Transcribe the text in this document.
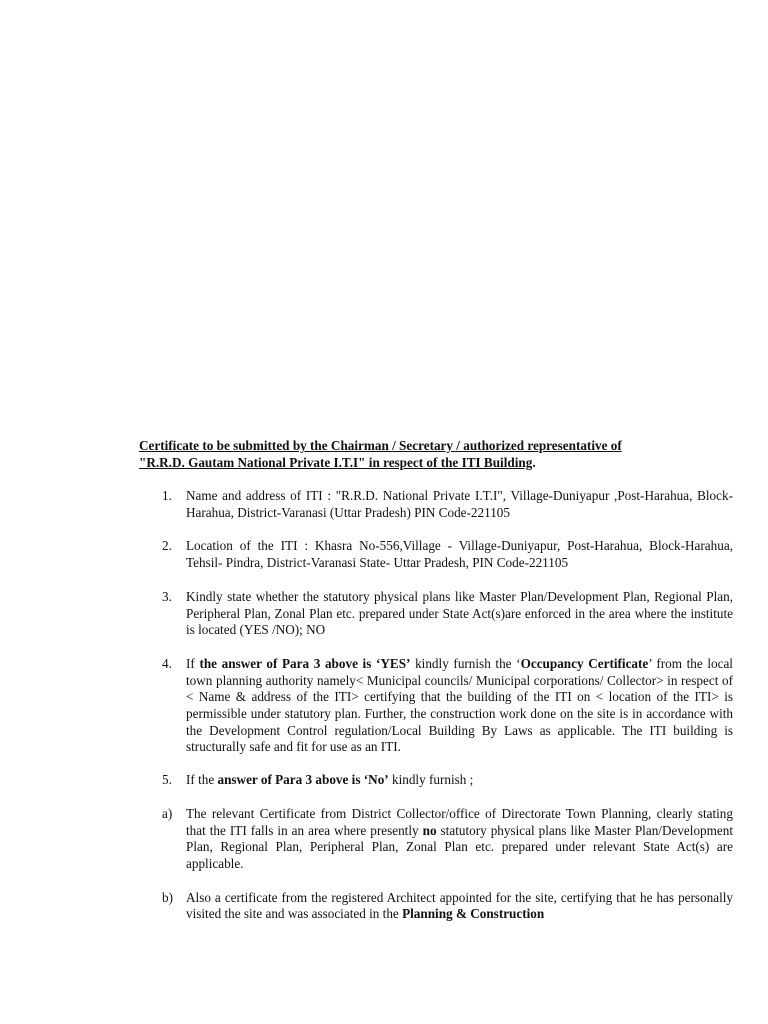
Certificate to be submitted by the Chairman / Secretary / authorized representative of
"R.R.D. Gautam National Private I.T.I" in respect of the ITI Building.
1. Name and address of ITI : "R.R.D. National Private I.T.I", Village-Duniyapur ,Post-Harahua, Block-Harahua, District-Varanasi (Uttar Pradesh) PIN Code-221105
2. Location of the ITI : Khasra No-556,Village - Village-Duniyapur, Post-Harahua, Block-Harahua, Tehsil- Pindra, District-Varanasi State- Uttar Pradesh, PIN Code-221105
3. Kindly state whether the statutory physical plans like Master Plan/Development Plan, Regional Plan, Peripheral Plan, Zonal Plan etc. prepared under State Act(s)are enforced in the area where the institute is located (YES /NO); NO
4. If the answer of Para 3 above is ‘YES’ kindly furnish the ‘Occupancy Certificate’ from the local town planning authority namely< Municipal councils/ Municipal corporations/ Collector> in respect of < Name & address of the ITI> certifying that the building of the ITI on < location of the ITI> is permissible under statutory plan. Further, the construction work done on the site is in accordance with the Development Control regulation/Local Building By Laws as applicable. The ITI building is structurally safe and fit for use as an ITI.
5. If the answer of Para 3 above is ‘No’ kindly furnish ;
a) The relevant Certificate from District Collector/office of Directorate Town Planning, clearly stating that the ITI falls in an area where presently no statutory physical plans like Master Plan/Development Plan, Regional Plan, Peripheral Plan, Zonal Plan etc. prepared under relevant State Act(s) are applicable.
b) Also a certificate from the registered Architect appointed for the site, certifying that he has personally visited the site and was associated in the Planning & Construction
